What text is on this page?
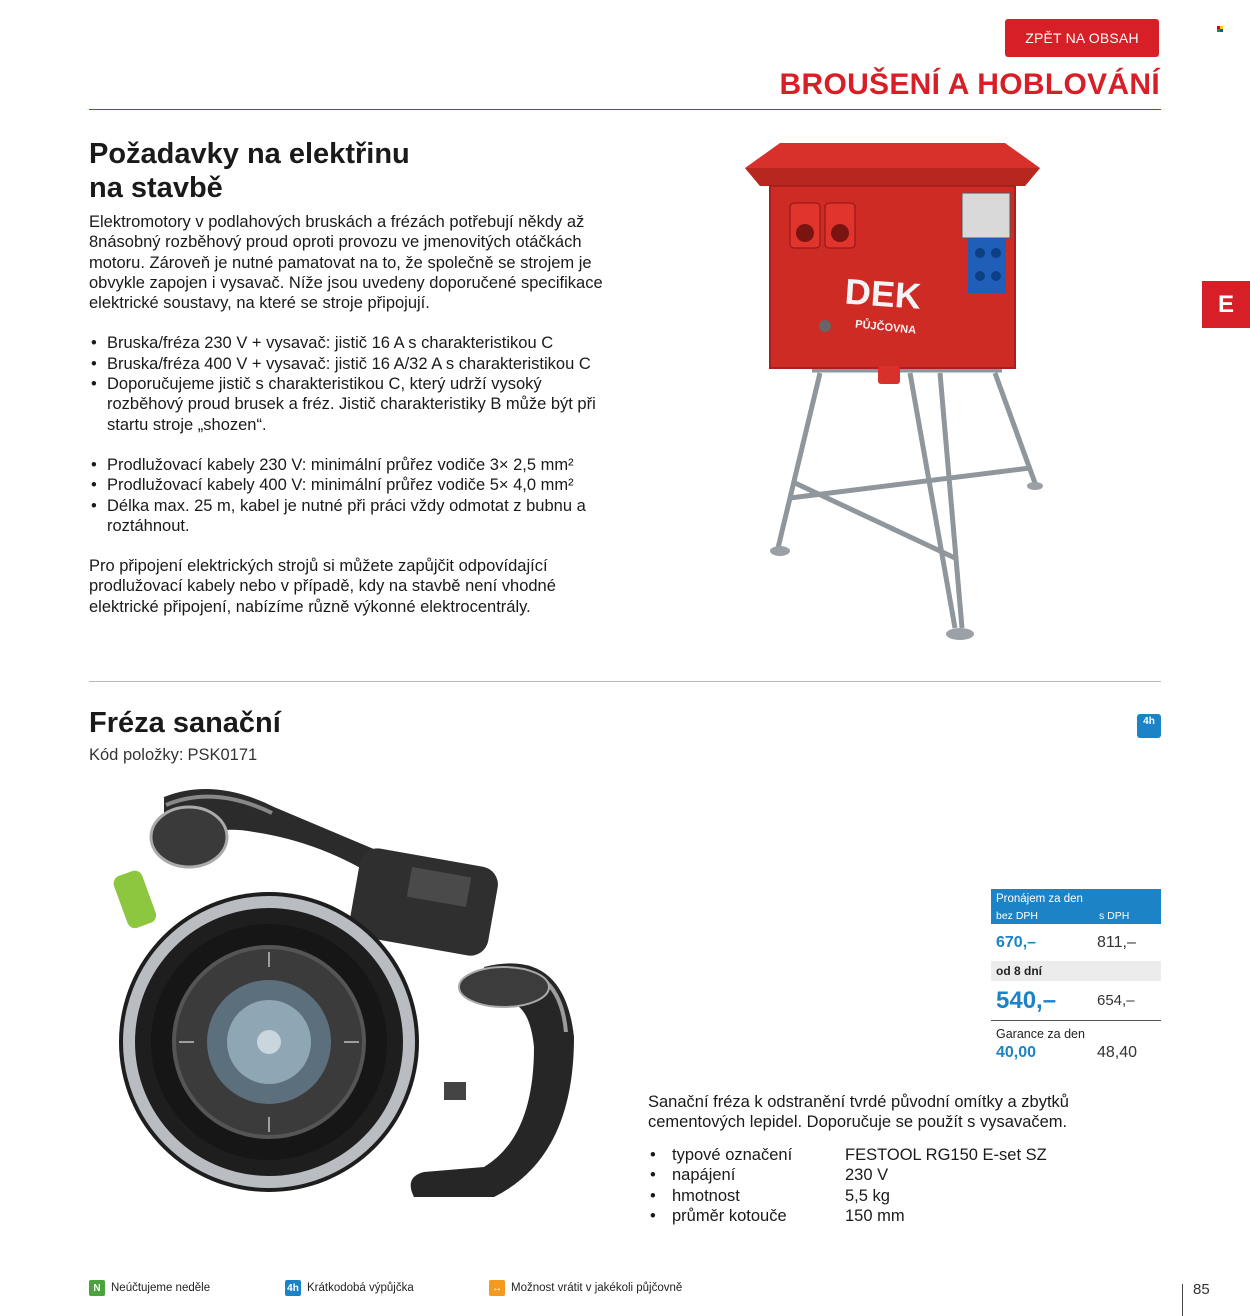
ZPĚT NA OBSAH
BROUŠENÍ A HOBLOVÁNÍ
E
Požadavky na elektřinu
na stavbě

Elektromotory v podlahových bruskách a frézách potřebují někdy až 8násobný rozběhový proud oproti provozu ve jmenovitých otáčkách motoru. Zároveň je nutné pamatovat na to, že společně se strojem je obvykle zapojen i vysavač. Níže jsou uvedeny doporučené specifikace elektrické soustavy, na které se stroje připojují.

• Bruska/fréza 230 V + vysavač: jistič 16 A s charakteristikou C
• Bruska/fréza 400 V + vysavač: jistič 16 A/32 A s charakteristikou C
• Doporučujeme jistič s charakteristikou C, který udrží vysoký rozběhový proud brusek a fréz. Jistič charakteristiky B může být při startu stroje „shozen“.
• Prodlužovací kabely 230 V: minimální průřez vodiče 3× 2,5 mm²
• Prodlužovací kabely 400 V: minimální průřez vodiče 5× 4,0 mm²
• Délka max. 25 m, kabel je nutné při práci vždy odmotat z bubnu a roztáhnout.

Pro připojení elektrických strojů si můžete zapůjčit odpovídající prodlužovací kabely nebo v případě, kdy na stavbě není vhodné elektrické připojení, nabízíme různě výkonné elektrocentrály.

DEK
PŮJČOVNA
Fréza sanační
Kód položky: PSK0171
4h
Pronájem za den
bez DPH	s DPH
670,–	811,–
od 8 dní
540,–	654,–
Garance za den
40,00	48,40

Sanační fréza k odstranění tvrdé původní omítky a zbytků cementových lepidel. Doporučuje se použít s vysavačem.

• typové označení	FESTOOL RG150 E-set SZ
• napájení	230 V
• hmotnost	5,5 kg
• průměr kotouče	150 mm
N Neúčtujeme neděle	4h Krátkodobá výpůjčka	↔ Možnost vrátit v jakékoli půjčovně	85
